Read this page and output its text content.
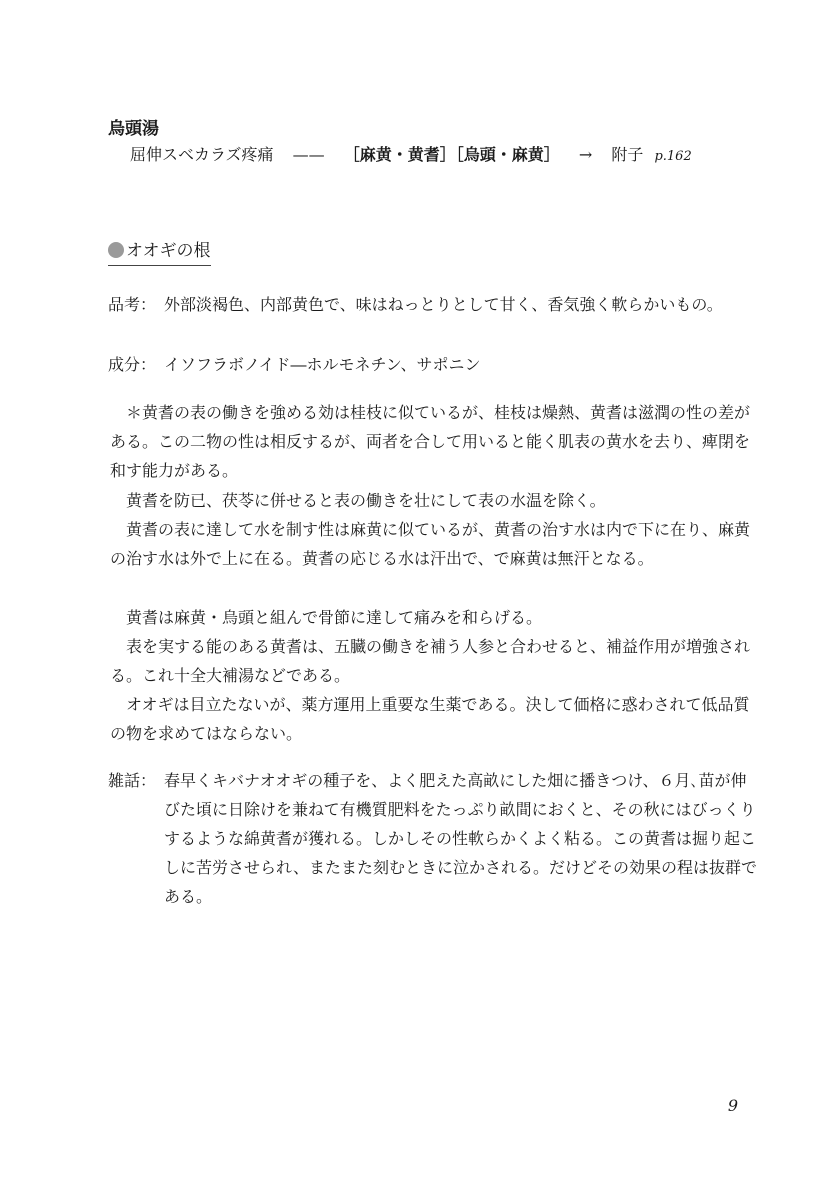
烏頭湯
屈伸スベカラズ疼痛 —— ［麻黄・黄耆］［烏頭・麻黄］ → 附子 p.162
オオギの根
品考： 外部淡褐色、内部黄色で、味はねっとりとして甘く、香気強く軟らかいもの。
成分： イソフラボノイド―ホルモネチン、サポニン
＊黄耆の表の働きを強める効は桂枝に似ているが、桂枝は燥熱、黄耆は滋潤の性の差がある。この二物の性は相反するが、両者を合して用いると能く肌表の黄水を去り、痺閉を和す能力がある。
黄耆を防已、茯苓に併せると表の働きを壮にして表の水温を除く。
黄耆の表に達して水を制す性は麻黄に似ているが、黄耆の治す水は内で下に在り、麻黄の治す水は外で上に在る。黄耆の応じる水は汗出で、で麻黄は無汗となる。
黄耆は麻黄・烏頭と組んで骨節に達して痛みを和らげる。
表を実する能のある黄耆は、五臓の働きを補う人参と合わせると、補益作用が増強される。これ十全大補湯などである。
オオギは目立たないが、薬方運用上重要な生薬である。決して価格に惑わされて低品質の物を求めてはならない。
雑話： 春早くキバナオオギの種子を、よく肥えた高畝にした畑に播きつけ、６月､苗が伸びた頃に日除けを兼ねて有機質肥料をたっぷり畝間におくと、その秋にはびっくりするような綿黄耆が獲れる。しかしその性軟らかくよく粘る。この黄耆は掘り起こしに苦労させられ、またまた刻むときに泣かされる。だけどその効果の程は抜群である。
9
